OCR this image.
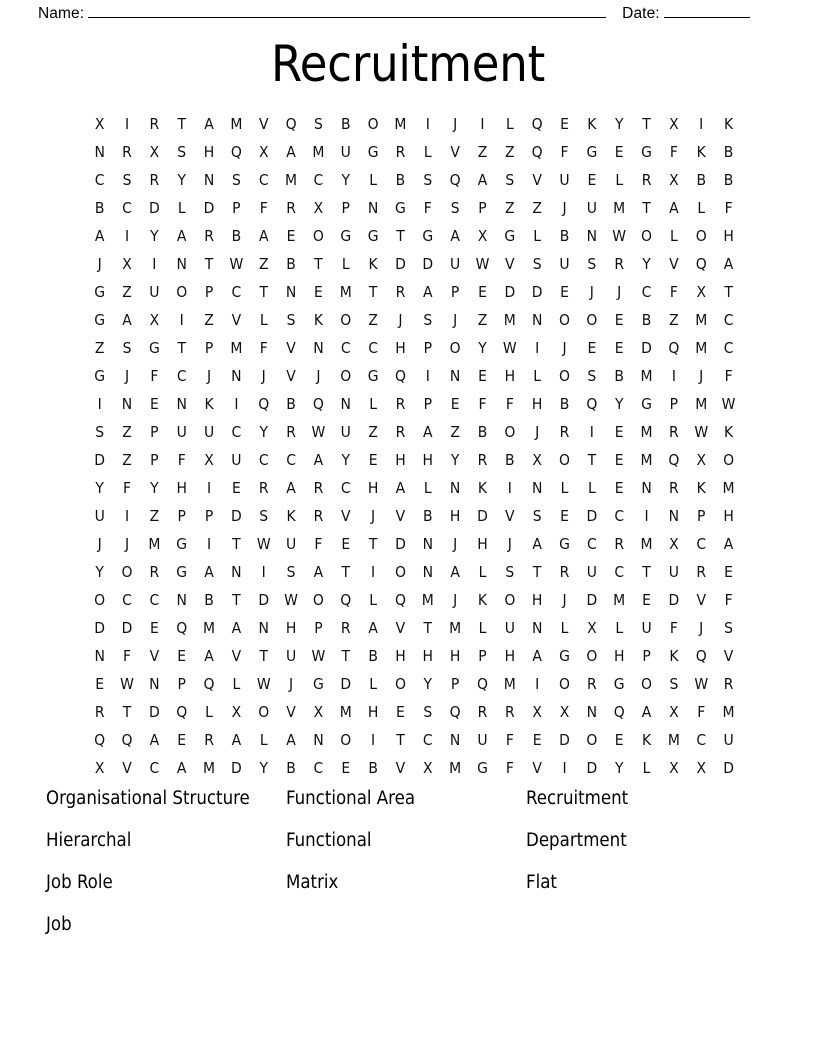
Name:	Date:
Recruitment
X	I	R	T	A	M	V	Q	S	B	O	M	I	J	I	L	Q	E	K	Y	T	X	I	K
N	R	X	S	H	Q	X	A	M	U	G	R	L	V	Z	Z	Q	F	G	E	G	F	K	B
C	S	R	Y	N	S	C	M	C	Y	L	B	S	Q	A	S	V	U	E	L	R	X	B	B
B	C	D	L	D	P	F	R	X	P	N	G	F	S	P	Z	Z	J	U	M	T	A	L	F
A	I	Y	A	R	B	A	E	O	G	G	T	G	A	X	G	L	B	N W O	L	O	H
J	X	I	N	T	W	Z	B	T	L	K	D	D	U W	V	S	U	S	R	Y	V	Q	A
G	Z	U	O	P	C	T	N	E	M	T	R	A	P	E	D	D	E	J	J	C	F	X	T
G	A	X	I	Z	V	L	S	K	O	Z	J	S	J	Z	M	N	O	O	E	B	Z	M	C
Z	S	G	T	P	M	F	V	N	C	C	H	P	O	Y	W	I	J	E	E	D	Q	M	C
G	J	F	C	J	N	J	V	J	O	G	Q	I	N	E	H	L	O	S	B	M	I	J	F
I	N	E	N	K	I	Q	B	Q	N	L	R	P	E	F	F	H	B	Q	Y	G	P	M W
S	Z	P	U	U	C	Y	R	W U	Z	R	A	Z	B	O	J	R	I	E	M	R	W	K
D	Z	P	F	X	U	C	C	A	Y	E	H	H	Y	R	B	X	O	T	E	M	Q	X	O
Y	F	Y	H	I	E	R	A	R	C	H	A	L	N	K	I	N	L	L	E	N	R	K	M
U	I	Z	P	P	D	S	K	R	V	J	V	B	H	D	V	S	E	D	C	I	N	P	H
J	J	M	G	I	T	W U	F	E	T	D	N	J	H	J	A	G	C	R	M	X	C	A
Y	O	R	G	A	N	I	S	A	T	I	O	N	A	L	S	T	R	U	C	T	U	R	E
O	C	C	N	B	T	D W O	Q	L	Q	M	J	K	O	H	J	D	M	E	D	V	F
D	D	E	Q	M	A	N	H	P	R	A	V	T	M	L	U	N	L	X	L	U	F	J	S
N	F	V	E	A	V	T	U W	T	B	H	H	H	P	H	A	G	O	H	P	K	Q	V
E	W N	P	Q	L	W	J	G	D	L	O	Y	P	Q	M	I	O	R	G	O	S	W	R
R	T	D	Q	L	X	O	V	X	M	H	E	S	Q	R	R	X	X	N	Q	A	X	F	M
Q	Q	A	E	R	A	L	A	N	O	I	T	C	N	U	F	E	D	O	E	K	M	C	U
X	V	C	A	M	D	Y	B	C	E	B	V	X	M	G	F	V	I	D	Y	L	X	X	D
Organisational Structure	Functional Area	Recruitment
Hierarchal	Functional	Department
Job Role	Matrix	Flat
Job
